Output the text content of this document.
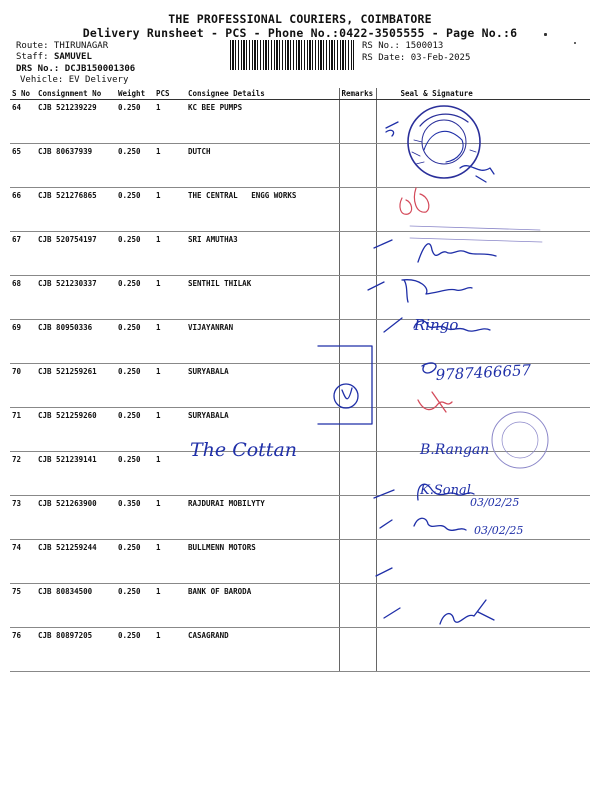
THE PROFESSIONAL COURIERS, COIMBATORE
Delivery Runsheet - PCS - Phone No.:0422-3505555 - Page No.:6
Route: THIRUNAGAR
Staff: SAMUVEL
DRS No.: DCJB150001306
Vehicle: EV Delivery
RS No.: 1500013
RS Date: 03-Feb-2025
S No	Consignment No	Weight	PCS	Consignee Details	Remarks	Seal & Signature
64	CJB 521239229	0.250	1	KC BEE PUMPS		
65	CJB 80637939	0.250	1	DUTCH		
66	CJB 521276865	0.250	1	THE CENTRAL   ENGG WORKS		
67	CJB 520754197	0.250	1	SRI AMUTHA3		
68	CJB 521230337	0.250	1	SENTHIL THILAK		
69	CJB 80950336	0.250	1	VIJAYANRAN		
70	CJB 521259261	0.250	1	SURYABALA		
71	CJB 521259260	0.250	1	SURYABALA		
72	CJB 521239141	0.250	1			
73	CJB 521263900	0.350	1	RAJDURAI MOBILYTY		
74	CJB 521259244	0.250	1	BULLMENN MOTORS		
75	CJB 80834500	0.250	1	BANK OF BARODA		
76	CJB 80897205	0.250	1	CASAGRAND		
The Cottan
9787466657
B.Rangan
K.Sonal
03/02/25
03/02/25
Ringo
